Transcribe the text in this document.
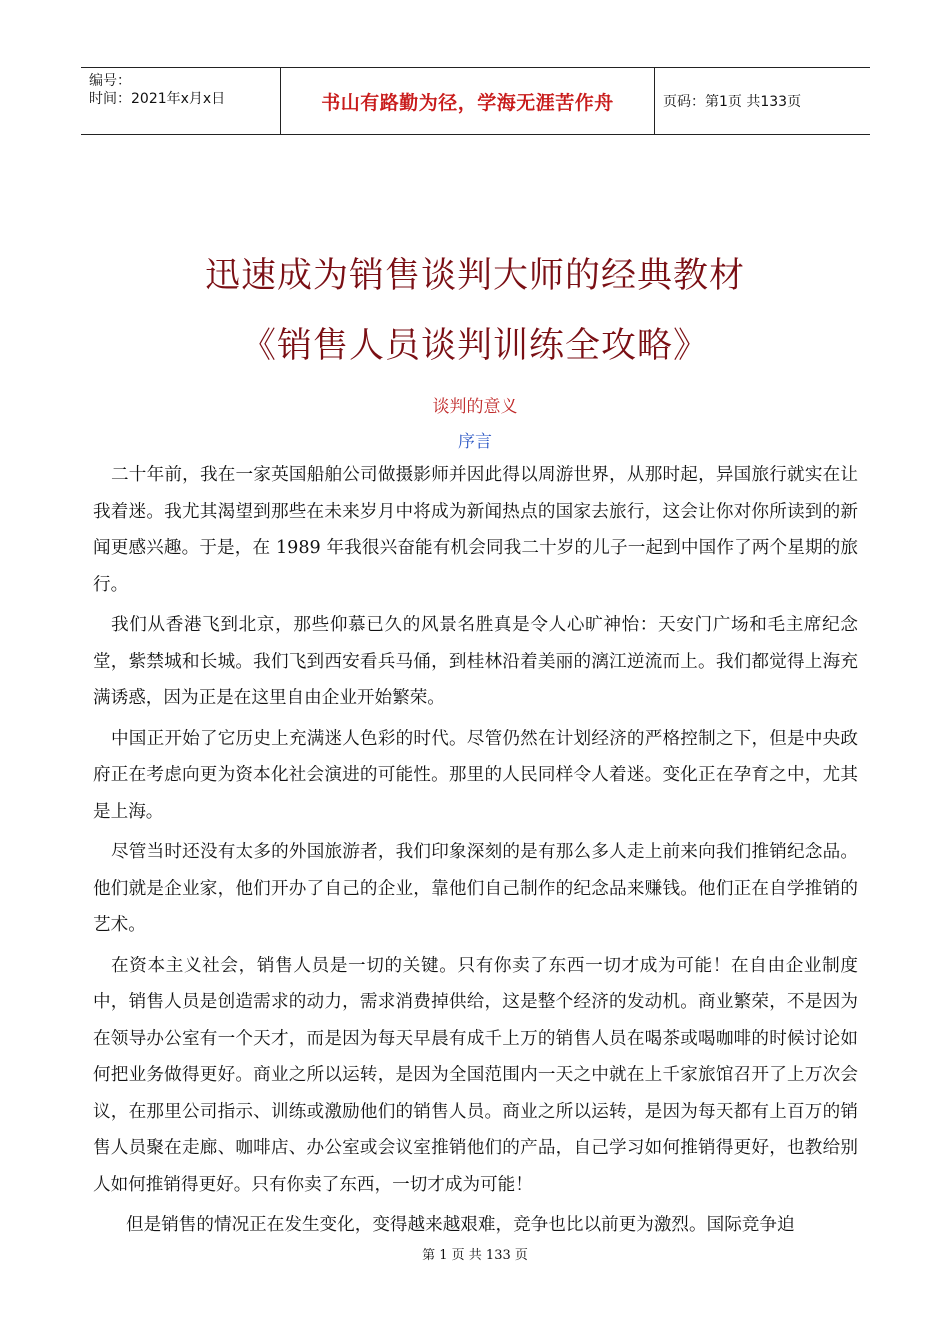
编号：
时间：2021年x月x日	书山有路勤为径，学海无涯苦作舟	页码：第1页 共133页
迅速成为销售谈判大师的经典教材
《销售人员谈判训练全攻略》
谈判的意义
序言

二十年前，我在一家英国船舶公司做摄影师并因此得以周游世界，从那时起，异国旅行就实在让我着迷。我尤其渴望到那些在未来岁月中将成为新闻热点的国家去旅行，这会让你对你所读到的新闻更感兴趣。于是，在 1989 年我很兴奋能有机会同我二十岁的儿子一起到中国作了两个星期的旅行。

我们从香港飞到北京，那些仰慕已久的风景名胜真是令人心旷神怡：天安门广场和毛主席纪念堂，紫禁城和长城。我们飞到西安看兵马俑，到桂林沿着美丽的漓江逆流而上。我们都觉得上海充满诱惑，因为正是在这里自由企业开始繁荣。

中国正开始了它历史上充满迷人色彩的时代。尽管仍然在计划经济的严格控制之下，但是中央政府正在考虑向更为资本化社会演进的可能性。那里的人民同样令人着迷。变化正在孕育之中，尤其是上海。

尽管当时还没有太多的外国旅游者，我们印象深刻的是有那么多人走上前来向我们推销纪念品。他们就是企业家，他们开办了自己的企业，靠他们自己制作的纪念品来赚钱。他们正在自学推销的艺术。

在资本主义社会，销售人员是一切的关键。只有你卖了东西一切才成为可能！在自由企业制度中，销售人员是创造需求的动力，需求消费掉供给，这是整个经济的发动机。商业繁荣，不是因为在领导办公室有一个天才，而是因为每天早晨有成千上万的销售人员在喝茶或喝咖啡的时候讨论如何把业务做得更好。商业之所以运转，是因为全国范围内一天之中就在上千家旅馆召开了上万次会议，在那里公司指示、训练或激励他们的销售人员。商业之所以运转，是因为每天都有上百万的销售人员聚在走廊、咖啡店、办公室或会议室推销他们的产品，自己学习如何推销得更好，也教给别人如何推销得更好。只有你卖了东西，一切才成为可能！

但是销售的情况正在发生变化，变得越来越艰难，竞争也比以前更为激烈。国际竞争迫

第 1 页 共 133 页
